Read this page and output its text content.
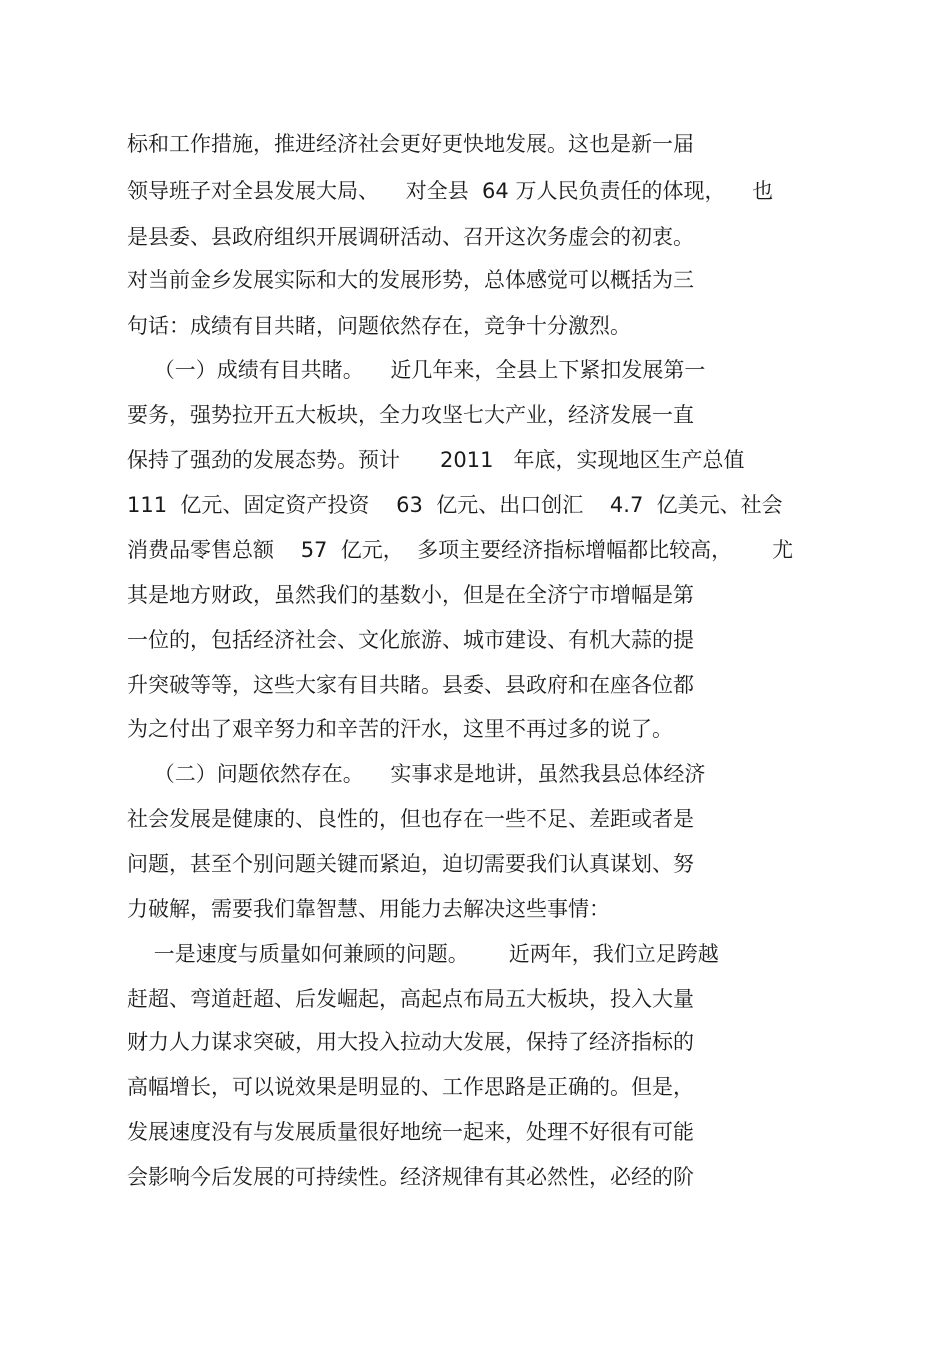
标和工作措施，推进经济社会更好更快地发展。这也是新一届

领导班子对全县发展大局、    对全县  64 万人民负责任的体现，    也

是县委、县政府组织开展调研活动、召开这次务虚会的初衷。

对当前金乡发展实际和大的发展形势，总体感觉可以概括为三

句话：成绩有目共睹，问题依然存在，竞争十分激烈。

（一）成绩有目共睹。    近几年来，全县上下紧扣发展第一

要务，强势拉开五大板块，全力攻坚七大产业，经济发展一直

保持了强劲的发展态势。预计      2011   年底，实现地区生产总值

111  亿元、固定资产投资    63  亿元、出口创汇    4.7  亿美元、社会

消费品零售总额    57  亿元，  多项主要经济指标增幅都比较高，      尤

其是地方财政，虽然我们的基数小，但是在全济宁市增幅是第

一位的，包括经济社会、文化旅游、城市建设、有机大蒜的提

升突破等等，这些大家有目共睹。县委、县政府和在座各位都

为之付出了艰辛努力和辛苦的汗水，这里不再过多的说了。

（二）问题依然存在。    实事求是地讲，虽然我县总体经济

社会发展是健康的、良性的，但也存在一些不足、差距或者是

问题，甚至个别问题关键而紧迫，迫切需要我们认真谋划、努

力破解，需要我们靠智慧、用能力去解决这些事情：

一是速度与质量如何兼顾的问题。      近两年，我们立足跨越

赶超、弯道赶超、后发崛起，高起点布局五大板块，投入大量

财力人力谋求突破，用大投入拉动大发展，保持了经济指标的

高幅增长，可以说效果是明显的、工作思路是正确的。但是，

发展速度没有与发展质量很好地统一起来，处理不好很有可能

会影响今后发展的可持续性。经济规律有其必然性，必经的阶
